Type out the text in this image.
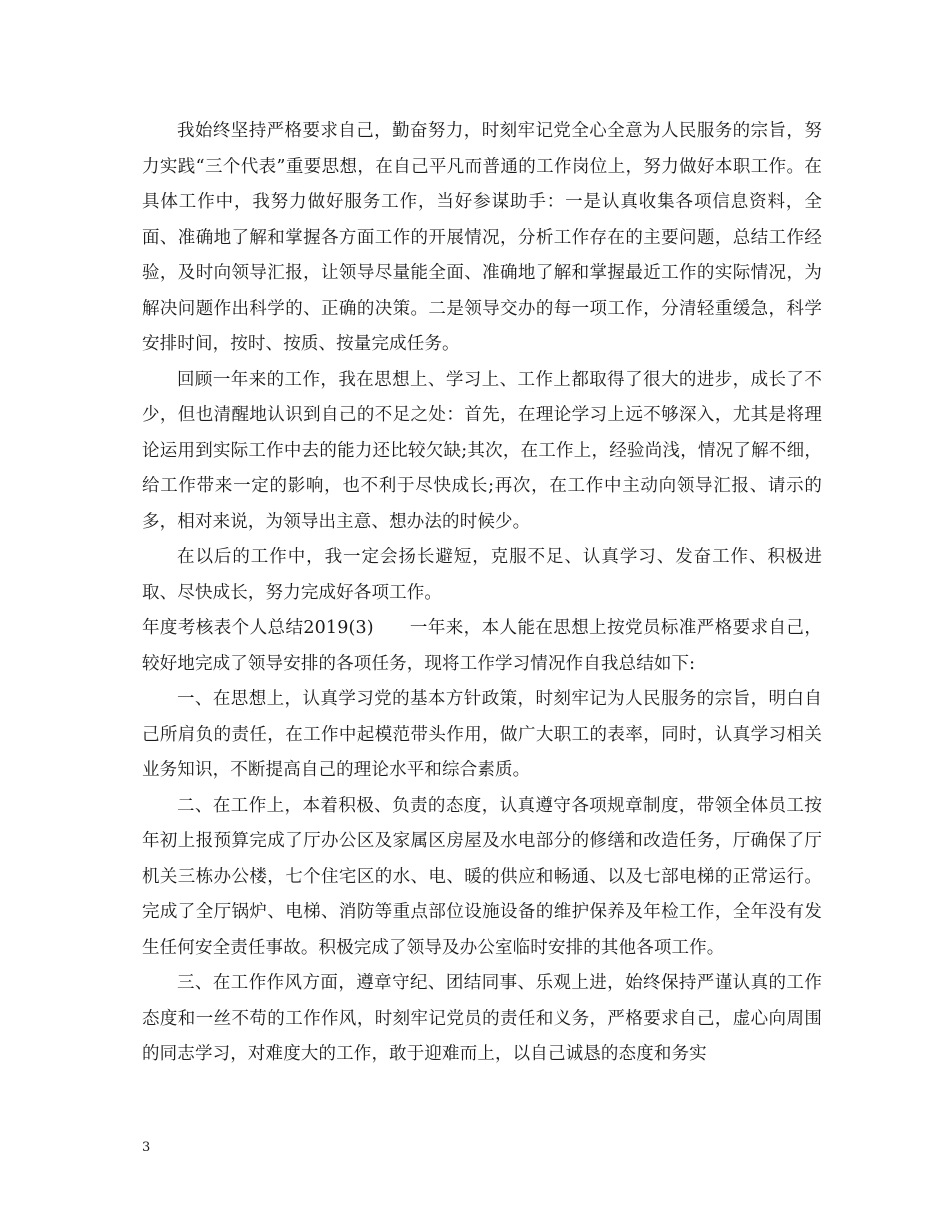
我始终坚持严格要求自己，勤奋努力，时刻牢记党全心全意为人民服务的宗旨，努力实践“三个代表”重要思想，在自己平凡而普通的工作岗位上，努力做好本职工作。在具体工作中，我努力做好服务工作，当好参谋助手：一是认真收集各项信息资料，全面、准确地了解和掌握各方面工作的开展情况，分析工作存在的主要问题，总结工作经验，及时向领导汇报，让领导尽量能全面、准确地了解和掌握最近工作的实际情况，为解决问题作出科学的、正确的决策。二是领导交办的每一项工作，分清轻重缓急，科学安排时间，按时、按质、按量完成任务。

回顾一年来的工作，我在思想上、学习上、工作上都取得了很大的进步，成长了不少，但也清醒地认识到自己的不足之处：首先，在理论学习上远不够深入，尤其是将理论运用到实际工作中去的能力还比较欠缺;其次，在工作上，经验尚浅，情况了解不细，给工作带来一定的影响，也不利于尽快成长;再次，在工作中主动向领导汇报、请示的多，相对来说，为领导出主意、想办法的时候少。

在以后的工作中，我一定会扬长避短，克服不足、认真学习、发奋工作、积极进取、尽快成长，努力完成好各项工作。

年度考核表个人总结2019(3)　　一年来，本人能在思想上按党员标准严格要求自己，较好地完成了领导安排的各项任务，现将工作学习情况作自我总结如下:

一、在思想上，认真学习党的基本方针政策，时刻牢记为人民服务的宗旨，明白自己所肩负的责任，在工作中起模范带头作用，做广大职工的表率，同时，认真学习相关业务知识，不断提高自己的理论水平和综合素质。

二、在工作上，本着积极、负责的态度，认真遵守各项规章制度，带领全体员工按年初上报预算完成了厅办公区及家属区房屋及水电部分的修缮和改造任务，厅确保了厅机关三栋办公楼，七个住宅区的水、电、暖的供应和畅通、以及七部电梯的正常运行。完成了全厅锅炉、电梯、消防等重点部位设施设备的维护保养及年检工作，全年没有发生任何安全责任事故。积极完成了领导及办公室临时安排的其他各项工作。

三、在工作作风方面，遵章守纪、团结同事、乐观上进，始终保持严谨认真的工作态度和一丝不苟的工作作风，时刻牢记党员的责任和义务，严格要求自己，虚心向周围的同志学习，对难度大的工作，敢于迎难而上，以自己诚恳的态度和务实

3
